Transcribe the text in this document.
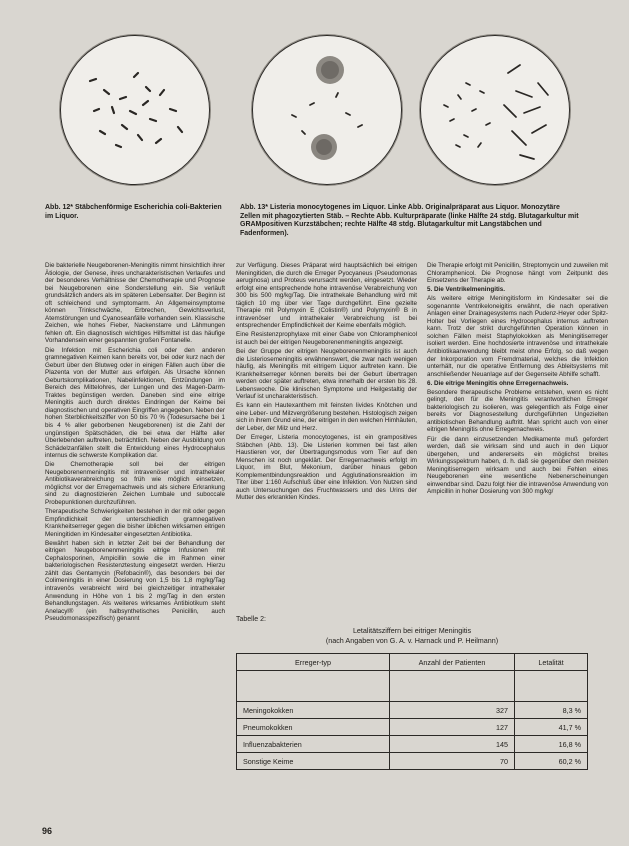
Abb. 12* Stäbchenförmige Escherichia coli-Bakterien im Liquor.
Abb. 13* Listeria monocytogenes im Liquor. Linke Abb. Originalpräparat aus Liquor. Monozytäre Zellen mit phagozytierten Stäb. – Rechte Abb. Kulturpräparate (linke Hälfte 24 stdg. Blutagarkultur mit GRAMpositiven Kurzstäbchen; rechte Hälfte 48 stdg. Blutagarkultur mit Langstäbchen und Fadenformen).

Die bakterielle Neugeborenen-Meningitis nimmt hinsichtlich ihrer Ätiologie, der Genese, ihres uncharakteristischen Verlaufes und der besonderes Verhältnisse der Chemotherapie und Prognose bei Neugeborenen eine Sonderstellung ein. Sie verläuft grundsätzlich anders als im späteren Lebensalter. Der Beginn ist oft schleichend und symptomarm. An Allgemeinsymptome können Trinkschwäche, Erbrechen, Gewichtsverlust, Atemstörungen und Cyanoseanfälle vorhanden sein. Klassische Zeichen, wie hohes Fieber, Nackenstarre und Lähmungen fehlen oft. Ein diagnostisch wichtiges Hilfsmittel ist das häufige Vorhandensein einer gespannten großen Fontanelle.

Die Infektion mit Escherichia coli oder den anderen gramnegativen Keimen kann bereits vor, bei oder kurz nach der Geburt über den Blutweg oder in einigen Fällen auch über die Plazenta von der Mutter aus erfolgen. Als Ursache können Geburtskomplikationen, Nabelinfektionen, Entzündungen im Bereich des Mittelohres, der Lungen und des Magen-Darm-Traktes begünstigen werden. Daneben sind eine eitrige Meningitis auch durch direktes Eindringen der Keime bei diagnostischen und operativen Eingriffen angegeben. Neben der hohen Sterblichkeitsziffer von 50 bis 70 % (Todesursache bei 1 bis 4 % aller geborbenen Neugeborenen) ist die Zahl der ungünstigen Spätschäden, die bei etwa der Hälfte aller Überlebenden auftreten, beträchtlich. Neben der Ausbildung von Schädelzanfällen stellt die Entwicklung eines Hydrocephalus internus die schwerste Komplikation dar.

Die Chemotherapie soll bei der eitrigen Neugeborenenmeningitis mit intravenöser und intrathekaler Antibiotikaverabreichung so früh wie möglich einsetzen, möglichst vor der Erregernachweis und als sichere Erkrankung sind zu diagnostizieren Zeichen Lumbale und suboccale Probepunktionen durchzuführen.

Therapeutische Schwierigkeiten bestehen in der mit oder gegen Empfindlichkeit der unterschiedlich gramnegativen Krankheitserreger gegen die bisher üblichen wirksamen eitrigen Meningitiden im Kindesalter eingesetzten Antibiotika.

Bewährt haben sich in letzter Zeit bei der Behandlung der eitrigen Neugeborenenmeningitis eitrige Infusionen mit Cephalosporinen, Ampicillin sowie die im Rahmen einer bakteriologischen Resistenztestung eingesetzt werden. Hierzu zählt das Gentamycin (Refobacin®), das besonders bei der Colimeningitis in einer Dosierung von 1,5 bis 1,8 mg/kg/Tag intravenös verabreicht wird bei gleichzeitiger intrathekaler Anwendung in Höhe von 1 bis 2 mg/Tag in den ersten Behandlungstagen. Als weiteres wirksames Antibiotikum steht Anelacyl® (ein halbsynthetisches Penicillin, auch Pseudomonasspezifisch) genannt

zur Verfügung. Dieses Präparat wird hauptsächlich bei eitrigen Meningitiden, die durch die Erreger Pyocyaneus (Pseudomonas aeruginosa) und Proteus verursacht werden, eingesetzt. Wieder erfolgt eine entsprechende hohe intravenöse Verabreichung von 300 bis 500 mg/kg/Tag. Die intrathekale Behandlung wird mit täglich 10 mg über vier Tage durchgeführt. Eine gezielte Therapie mit Polymyxin E (Colistin®) und Polymyxin® B in intravenöser und intrathekaler Verabreichung ist bei entsprechender Empfindlichkeit der Keime ebenfalls möglich.

Eine Resistenzprophylaxe mit einer Gabe von Chloramphenicol ist auch bei der eitrigen Neugeborenenmeningitis angezeigt.

Bei der Gruppe der eitrigen Neugeborenenmeningitis ist auch die Listeriosemeningitis erwähnenswert, die zwar nach wenigen häufig, als Meningitis mit eitrigem Liquor auftreten kann. Die Krankheitserreger können bereits bei der Geburt übertragen werden oder später auftreten, etwa innerhalb der ersten bis 28. Lebenswoche. Die klinischen Symptome und Heilgestaltig der Verlauf ist uncharakteristisch.

Es kann ein Hautexanthem mit feinsten livides Knötchen und eine Leber- und Milzvergrößerung bestehen. Histologisch zeigen sich in ihrem Grund eine, der eitrigen in den welchen Himhäuten, der Leber, der Milz und Herz.

Der Erreger, Listeria monocytogenes, ist ein grampositives Stäbchen (Abb. 13). Die Listerien kommen bei fast allen Haustieren vor, der Übertragungsmodus vom Tier auf den Menschen ist noch ungeklärt. Der Erregernachweis erfolgt im Liquor, im Blut, Mekonium, darüber hinaus gebon Komplementbindungsreaktion und Agglutinationsreaktion im Titer über 1:160 Aufschluß über eine Infektion. Von Nutzen sind auch Untersuchungen des Fruchtwassers und des Urins der Mutter des erkrankten Kindes.

Die Therapie erfolgt mit Penicillin, Streptomycin und zuweilen mit Chloramphenicol. Die Prognose hängt vom Zeitpunkt des Einsetzens der Therapie ab.

5. Die Ventrikelmeningitis.

Als weitere eitrige Meningitisform im Kindesalter sei die sogenannte Ventrikeloneigitis erwähnt, die nach operativen Anlagen einer Drainagesystems nach Pudenz-Heyer oder Spitz-Holter bei Vorliegen eines Hydrocephalus internus auftreten kann. Trotz der strikt durchgeführten Operation können in solchen Fällen meist Staphylokokken als Meningitiserreger isoliert werden. Eine hochdosierte intravenöse und intrathekale Antibiotikaanwendung bleibt meist ohne Erfolg, so daß wegen der Inkorporation vom Fremdmaterial, welches die Infektion unterhält, nur die operative Entfernung des Ableitsystems mit anschließender Neuanlage auf der Gegenseite Abhilfe schafft.

6. Die eitrige Meningitis ohne Erregernachweis.

Besondere therapeutische Probleme entstehen, wenn es nicht gelingt, den für die Meningitis verantwortlichen Erreger bakteriologisch zu isolieren, was gelegentlich als Folge einer bereits vor Diagnosestellung durchgeführten Ungezielten antibiotischen Behandlung auftritt. Man spricht auch von einer eitrigen Meningitis ohne Erregernachweis.

Für die dann einzusetzenden Medikamente muß gefordert werden, daß sie wirksam sind und auch in den Liquor übergehen, und andererseits ein möglichst breites Wirkungsspektrum haben, d. h. daß sie gegenüber den meisten Meningitiserregern wirksam und auch bei Fehlen eines Neugeborenen eine wesentliche Nebenerscheinungen einwendbar sind. Dazu folgt hier die intravenöse Anwendung von Ampicillin in hoher Dosierung von 300 mg/kg/

Tabelle 2:
Letalitätsziffern bei eitriger Meningitis
(nach Angaben von G. A. v. Harnack und P. Heilmann)
Erreger-typ	Anzahl der Patienten	Letalität

Meningokokken	327	8,3 %
Pneumokokken	127	41,7 %
Influenzabakterien	145	16,8 %
Sonstige Keime	70	60,2 %
96
